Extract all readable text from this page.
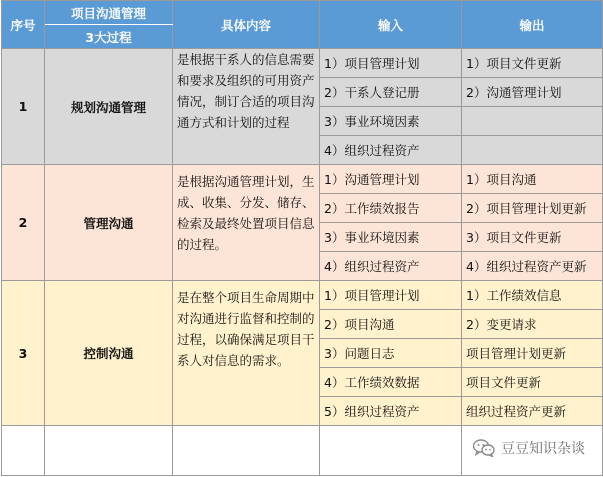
序号	项目沟通管理	具体内容	输入	输出
	3大过程			
1	规划沟通管理	是根据干系人的信息需要和要求及组织的可用资产情况，制订合适的项目沟通方式和计划的过程	1）项目管理计划	1）项目文件更新
			2）干系人登记册	2）沟通管理计划
			3）事业环境因素	
			4）组织过程资产	
2	管理沟通	是根据沟通管理计划，生成、收集、分发、储存、检索及最终处置项目信息的过程。	1）沟通管理计划	1）项目沟通
			2）工作绩效报告	2）项目管理计划更新
			3）事业环境因素	3）项目文件更新
			4）组织过程资产	4）组织过程资产更新
3	控制沟通	是在整个项目生命周期中对沟通进行监督和控制的过程，以确保满足项目干系人对信息的需求。	1）项目管理计划	1）工作绩效信息
			2）项目沟通	2）变更请求
			3）问题日志	项目管理计划更新
			4）工作绩效数据	项目文件更新
			5）组织过程资产	组织过程资产更新

豆豆知识杂谈
